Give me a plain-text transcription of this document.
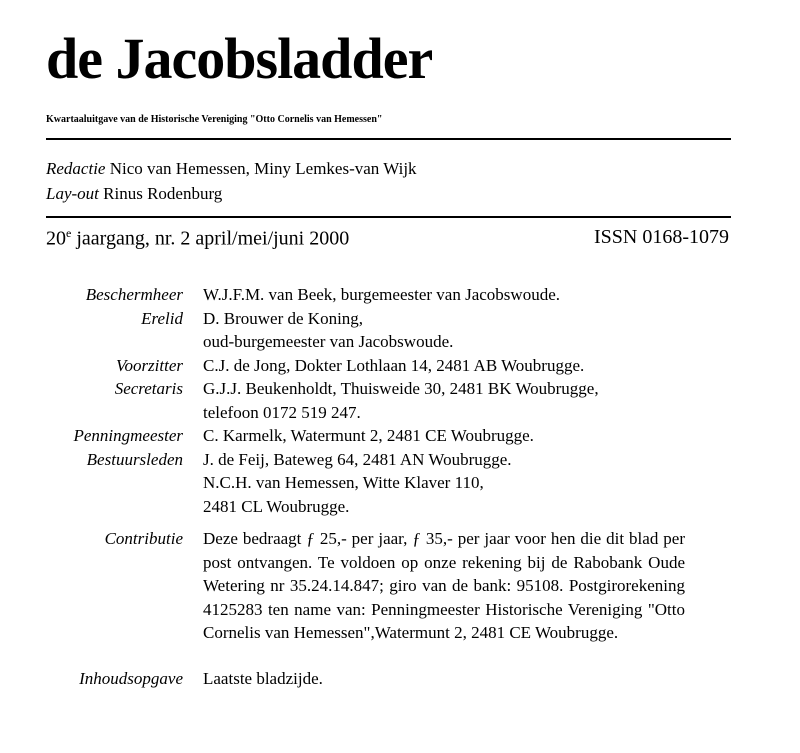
de Jacobsladder
Kwartaaluitgave van de Historische Vereniging "Otto Cornelis van Hemessen"
Redactie Nico van Hemessen, Miny Lemkes-van Wijk
Lay-out Rinus Rodenburg
20e jaargang, nr. 2 april/mei/juni 2000	ISSN 0168-1079
Beschermheer W.J.F.M. van Beek, burgemeester van Jacobswoude.
Erelid D. Brouwer de Koning,
oud-burgemeester van Jacobswoude.
Voorzitter C.J. de Jong, Dokter Lothlaan 14, 2481 AB Woubrugge.
Secretaris G.J.J. Beukenholdt, Thuisweide 30, 2481 BK Woubrugge,
telefoon 0172 519 247.
Penningmeester C. Karmelk, Watermunt 2, 2481 CE Woubrugge.
Bestuursleden J. de Feij, Bateweg 64, 2481 AN Woubrugge.
N.C.H. van Hemessen, Witte Klaver 110,
2481 CL Woubrugge.
Contributie Deze bedraagt ƒ 25,- per jaar, ƒ 35,- per jaar voor hen die dit blad per post ontvangen. Te voldoen op onze rekening bij de Rabobank Oude Wetering nr 35.24.14.847; giro van de bank: 95108. Postgirorekening 4125283 ten name van: Penningmeester Historische Vereniging "Otto Cornelis van Hemessen",Watermunt 2, 2481 CE Woubrugge.
Inhoudsopgave Laatste bladzijde.
